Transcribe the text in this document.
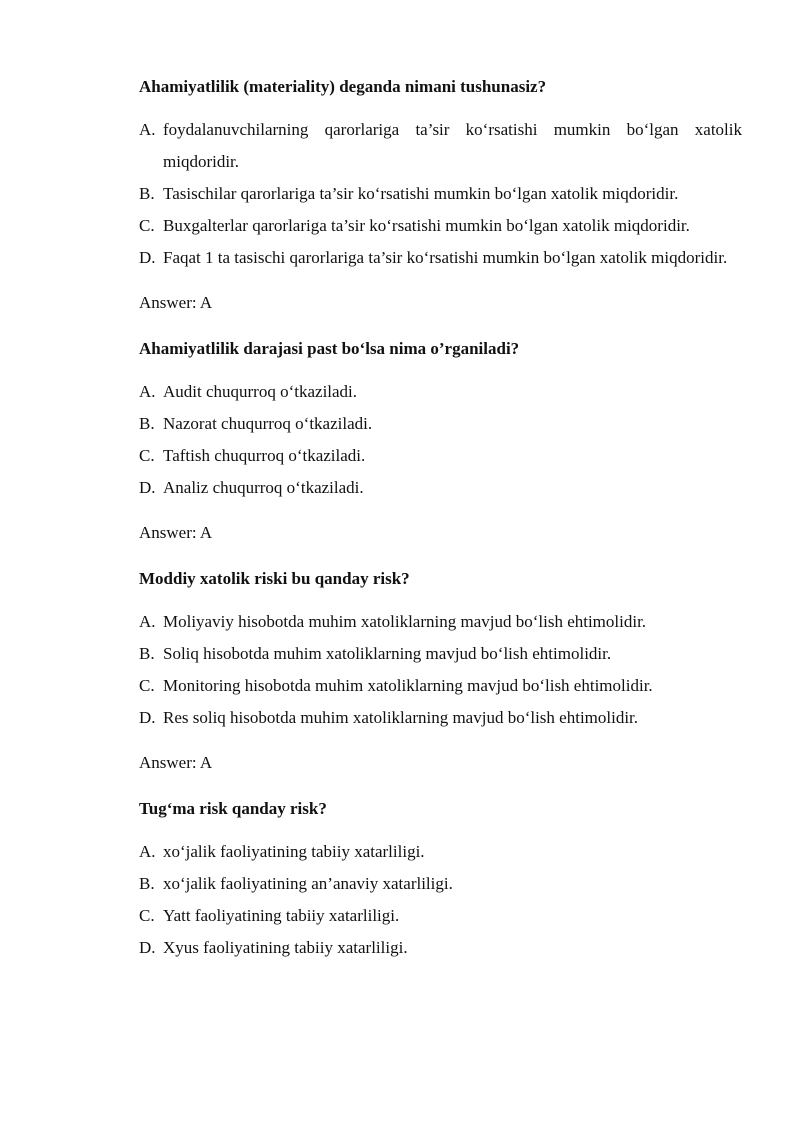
Ahamiyatlilik (materiality) deganda nimani tushunasiz?
A. foydalanuvchilarning qarorlariga ta’sir ko‘rsatishi mumkin bo‘lgan xatolik miqdoridir.
B. Tasischilar qarorlariga ta’sir ko‘rsatishi mumkin bo‘lgan xatolik miqdoridir.
C. Buxgalterlar qarorlariga ta’sir ko‘rsatishi mumkin bo‘lgan xatolik miqdoridir.
D. Faqat 1 ta tasischi qarorlariga ta’sir ko‘rsatishi mumkin bo‘lgan xatolik miqdoridir.
Answer: A
Ahamiyatlilik darajasi past bo‘lsa nima o’rganiladi?
A. Audit chuqurroq o‘tkaziladi.
B. Nazorat chuqurroq o‘tkaziladi.
C. Taftish chuqurroq o‘tkaziladi.
D. Analiz chuqurroq o‘tkaziladi.
Answer: A
Moddiy xatolik riski bu qanday risk?
A. Moliyaviy hisobotda muhim xatoliklarning mavjud bo‘lish ehtimolidir.
B. Soliq hisobotda muhim xatoliklarning mavjud bo‘lish ehtimolidir.
C. Monitoring hisobotda muhim xatoliklarning mavjud bo‘lish ehtimolidir.
D. Res soliq hisobotda muhim xatoliklarning mavjud bo‘lish ehtimolidir.
Answer: A
Tug‘ma risk qanday risk?
A. xo‘jalik faoliyatining tabiiy xatarliligi.
B. xo‘jalik faoliyatining an’anaviy xatarliligi.
C. Yatt faoliyatining tabiiy xatarliligi.
D. Xyus faoliyatining tabiiy xatarliligi.
